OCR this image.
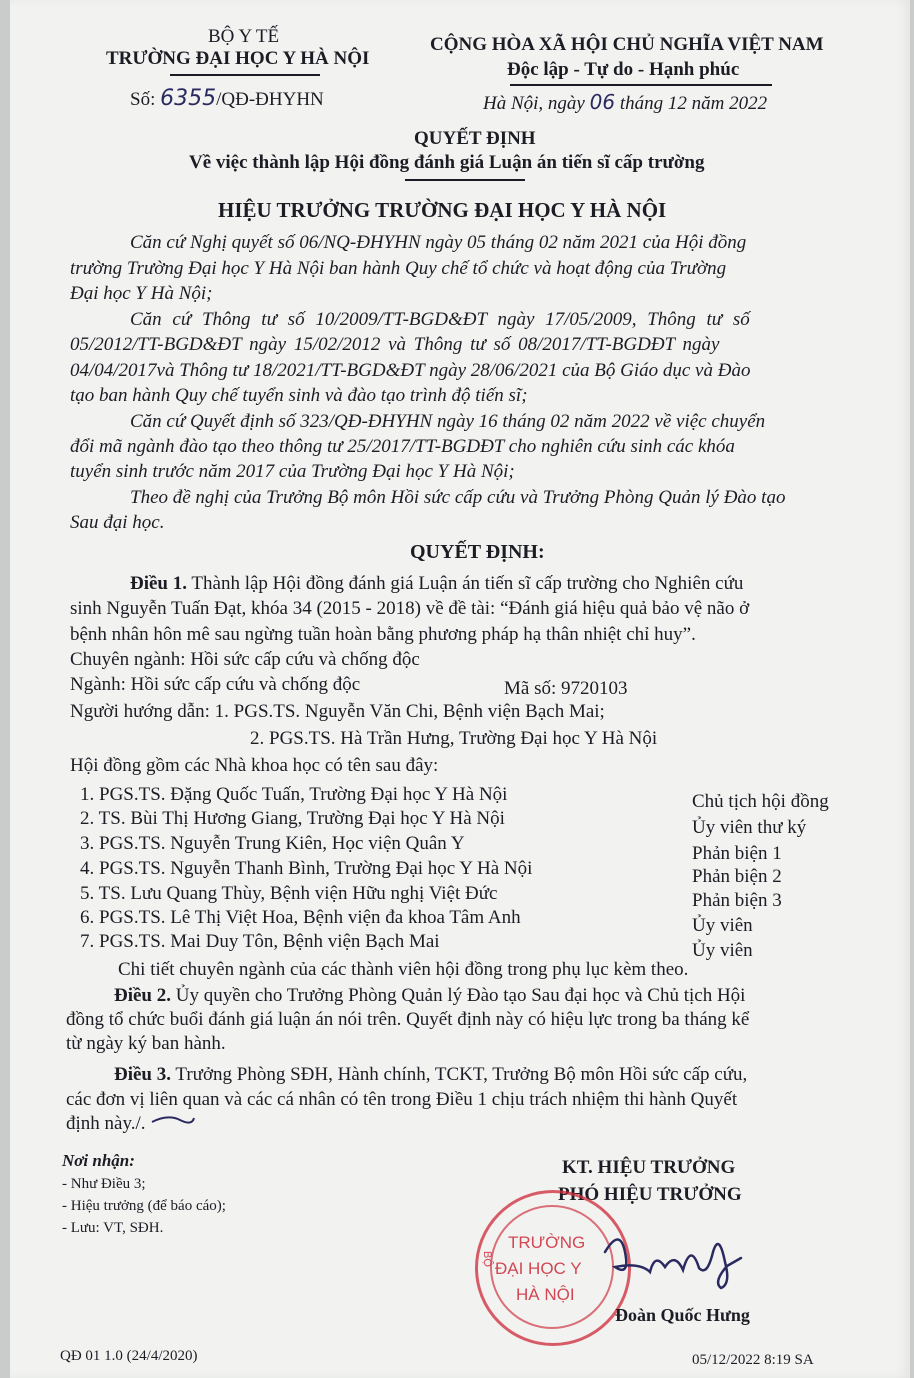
BỘ Y TẾ
TRƯỜNG ĐẠI HỌC Y HÀ NỘI
Số: 6355/QĐ-ĐHYHN
CỘNG HÒA XÃ HỘI CHỦ NGHĨA VIỆT NAM
Độc lập - Tự do - Hạnh phúc
Hà Nội, ngày 06 tháng 12 năm 2022
QUYẾT ĐỊNH
Về việc thành lập Hội đồng đánh giá Luận án tiến sĩ cấp trường
HIỆU TRƯỞNG TRƯỜNG ĐẠI HỌC Y HÀ NỘI
Căn cứ Nghị quyết số 06/NQ-ĐHYHN ngày 05 tháng 02 năm 2021 của Hội đồng
trường Trường Đại học Y Hà Nội ban hành Quy chế tổ chức và hoạt động của Trường
Đại học Y Hà Nội;
Căn cứ Thông tư số 10/2009/TT-BGD&ĐT ngày 17/05/2009, Thông tư số
05/2012/TT-BGD&ĐT ngày 15/02/2012 và Thông tư số 08/2017/TT-BGDĐT ngày
04/04/2017và Thông tư 18/2021/TT-BGD&ĐT ngày 28/06/2021 của Bộ Giáo dục và Đào
tạo ban hành Quy chế tuyển sinh và đào tạo trình độ tiến sĩ;
Căn cứ Quyết định số 323/QĐ-ĐHYHN ngày 16 tháng 02 năm 2022 về việc chuyển
đổi mã ngành đào tạo theo thông tư 25/2017/TT-BGDĐT cho nghiên cứu sinh các khóa
tuyển sinh trước năm 2017 của Trường Đại học Y Hà Nội;
Theo đề nghị của Trưởng Bộ môn Hồi sức cấp cứu và Trưởng Phòng Quản lý Đào tạo
Sau đại học.
QUYẾT ĐỊNH:
Điều 1. Thành lập Hội đồng đánh giá Luận án tiến sĩ cấp trường cho Nghiên cứu
sinh Nguyễn Tuấn Đạt, khóa 34 (2015 - 2018) về đề tài: “Đánh giá hiệu quả bảo vệ não ở
bệnh nhân hôn mê sau ngừng tuần hoàn bằng phương pháp hạ thân nhiệt chỉ huy”.
Chuyên ngành: Hồi sức cấp cứu và chống độc
Ngành: Hồi sức cấp cứu và chống độc	Mã số: 9720103
Người hướng dẫn: 1. PGS.TS. Nguyễn Văn Chi, Bệnh viện Bạch Mai;
2. PGS.TS. Hà Trần Hưng, Trường Đại học Y Hà Nội
Hội đồng gồm các Nhà khoa học có tên sau đây:
1. PGS.TS. Đặng Quốc Tuấn, Trường Đại học Y Hà Nội	Chủ tịch hội đồng
2. TS. Bùi Thị Hương Giang, Trường Đại học Y Hà Nội	Ủy viên thư ký
3. PGS.TS. Nguyễn Trung Kiên, Học viện Quân Y	Phản biện 1
4. PGS.TS. Nguyễn Thanh Bình, Trường Đại học Y Hà Nội	Phản biện 2
5. TS. Lưu Quang Thùy, Bệnh viện Hữu nghị Việt Đức	Phản biện 3
6. PGS.TS. Lê Thị Việt Hoa, Bệnh viện đa khoa Tâm Anh	Ủy viên
7. PGS.TS. Mai Duy Tôn, Bệnh viện Bạch Mai	Ủy viên
Chi tiết chuyên ngành của các thành viên hội đồng trong phụ lục kèm theo.
Điều 2. Ủy quyền cho Trưởng Phòng Quản lý Đào tạo Sau đại học và Chủ tịch Hội
đồng tổ chức buổi đánh giá luận án nói trên. Quyết định này có hiệu lực trong ba tháng kể
từ ngày ký ban hành.
Điều 3. Trưởng Phòng SĐH, Hành chính, TCKT, Trưởng Bộ môn Hồi sức cấp cứu,
các đơn vị liên quan và các cá nhân có tên trong Điều 1 chịu trách nhiệm thi hành Quyết
định này./.
Nơi nhận:
- Như Điều 3;
- Hiệu trưởng (để báo cáo);
- Lưu: VT, SĐH.
KT. HIỆU TRƯỞNG
PHÓ HIỆU TRƯỞNG
TRƯỜNG
ĐẠI HỌC Y
HÀ NỘI
BỘ
Đoàn Quốc Hưng
QĐ 01 1.0 (24/4/2020)	05/12/2022 8:19 SA
